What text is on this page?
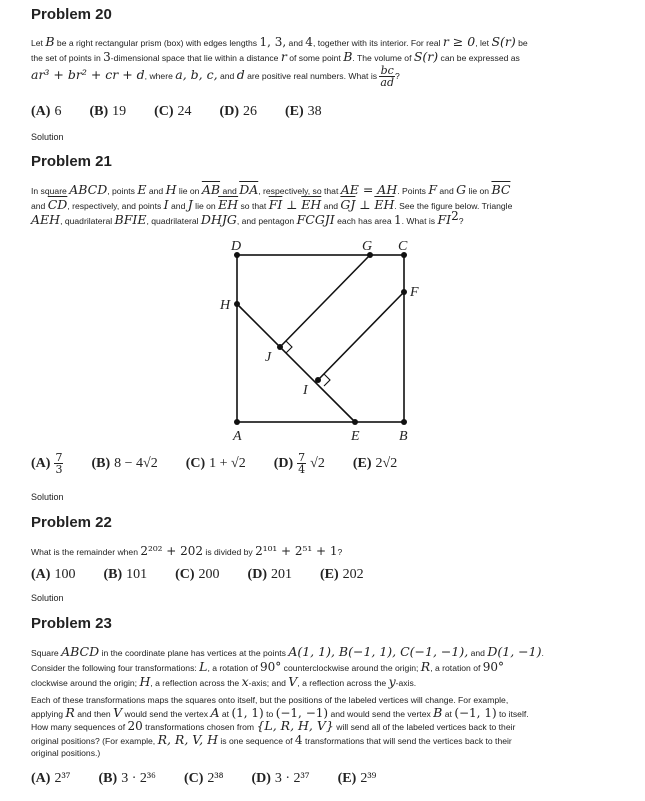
Problem 20

Let B be a right rectangular prism (box) with edges lengths 1, 3, and 4, together with its interior. For real r ≥ 0, let S(r) be
the set of points in 3-dimensional space that lie within a distance r of some point B. The volume of S(r) can be expressed as
ar³ + br² + cr + d, where a, b, c, and d are positive real numbers. What is $\frac{bc}{ad}$ ?

(A) 6 (B) 19 (C) 24 (D) 26 (E) 38

Solution

Problem 21

In square ABCD, points E and H lie on $\overline{AB}$ and $\overline{DA}$, respectively, so that AE = AH. Points F and G lie on $\overline{BC}$
and $\overline{CD}$, respectively, and points I and J lie on $\overline{EH}$ so that $\overline{FI}$ ⊥ $\overline{EH}$ and $\overline{GJ}$ ⊥ $\overline{EH}$. See the figure below. Triangle
AEH, quadrilateral BFIE, quadrilateral DHJG, and pentagon FCGJI each has area 1. What is $FI^2$?

A	B
C
D
E
F
G
H
I
J
$(A) \frac{7}{3} (B) 8 - 4√2$ (C) 1 + √2 $(D) \frac{7}{4} √2$ (E) 2√2

Solution

Problem 22

What is the remainder when 2²⁰² + 202 is divided by 2¹⁰¹ + 2⁵¹ + 1?

(A) 100 (B) 101 (C) 200 (D) 201 (E) 202

Solution

Problem 23

Square ABCD in the coordinate plane has vertices at the points A(1, 1), B(−1, 1), C(−1, −1), and D(1, −1).
Consider the following four transformations: L, a rotation of 90° counterclockwise around the origin; R, a rotation of 90°
clockwise around the origin; H, a reflection across the x-axis; and V, a reflection across the y-axis.

Each of these transformations maps the squares onto itself, but the positions of the labeled vertices will change. For example,
applying R and then V would send the vertex A at (1, 1) to (−1, −1) and would send the vertex B at (−1, 1) to itself.
How many sequences of 20 transformations chosen from {L, R, H, V} will send all of the labeled vertices back to their
original positions? (For example, R, R, V, H is one sequence of 4 transformations that will send the vertices back to their
original positions.)

(A) 2³⁷ (B) 3 · 2³⁶ (C) 2³⁸ (D) 3 · 2³⁷ (E) 2³⁹
